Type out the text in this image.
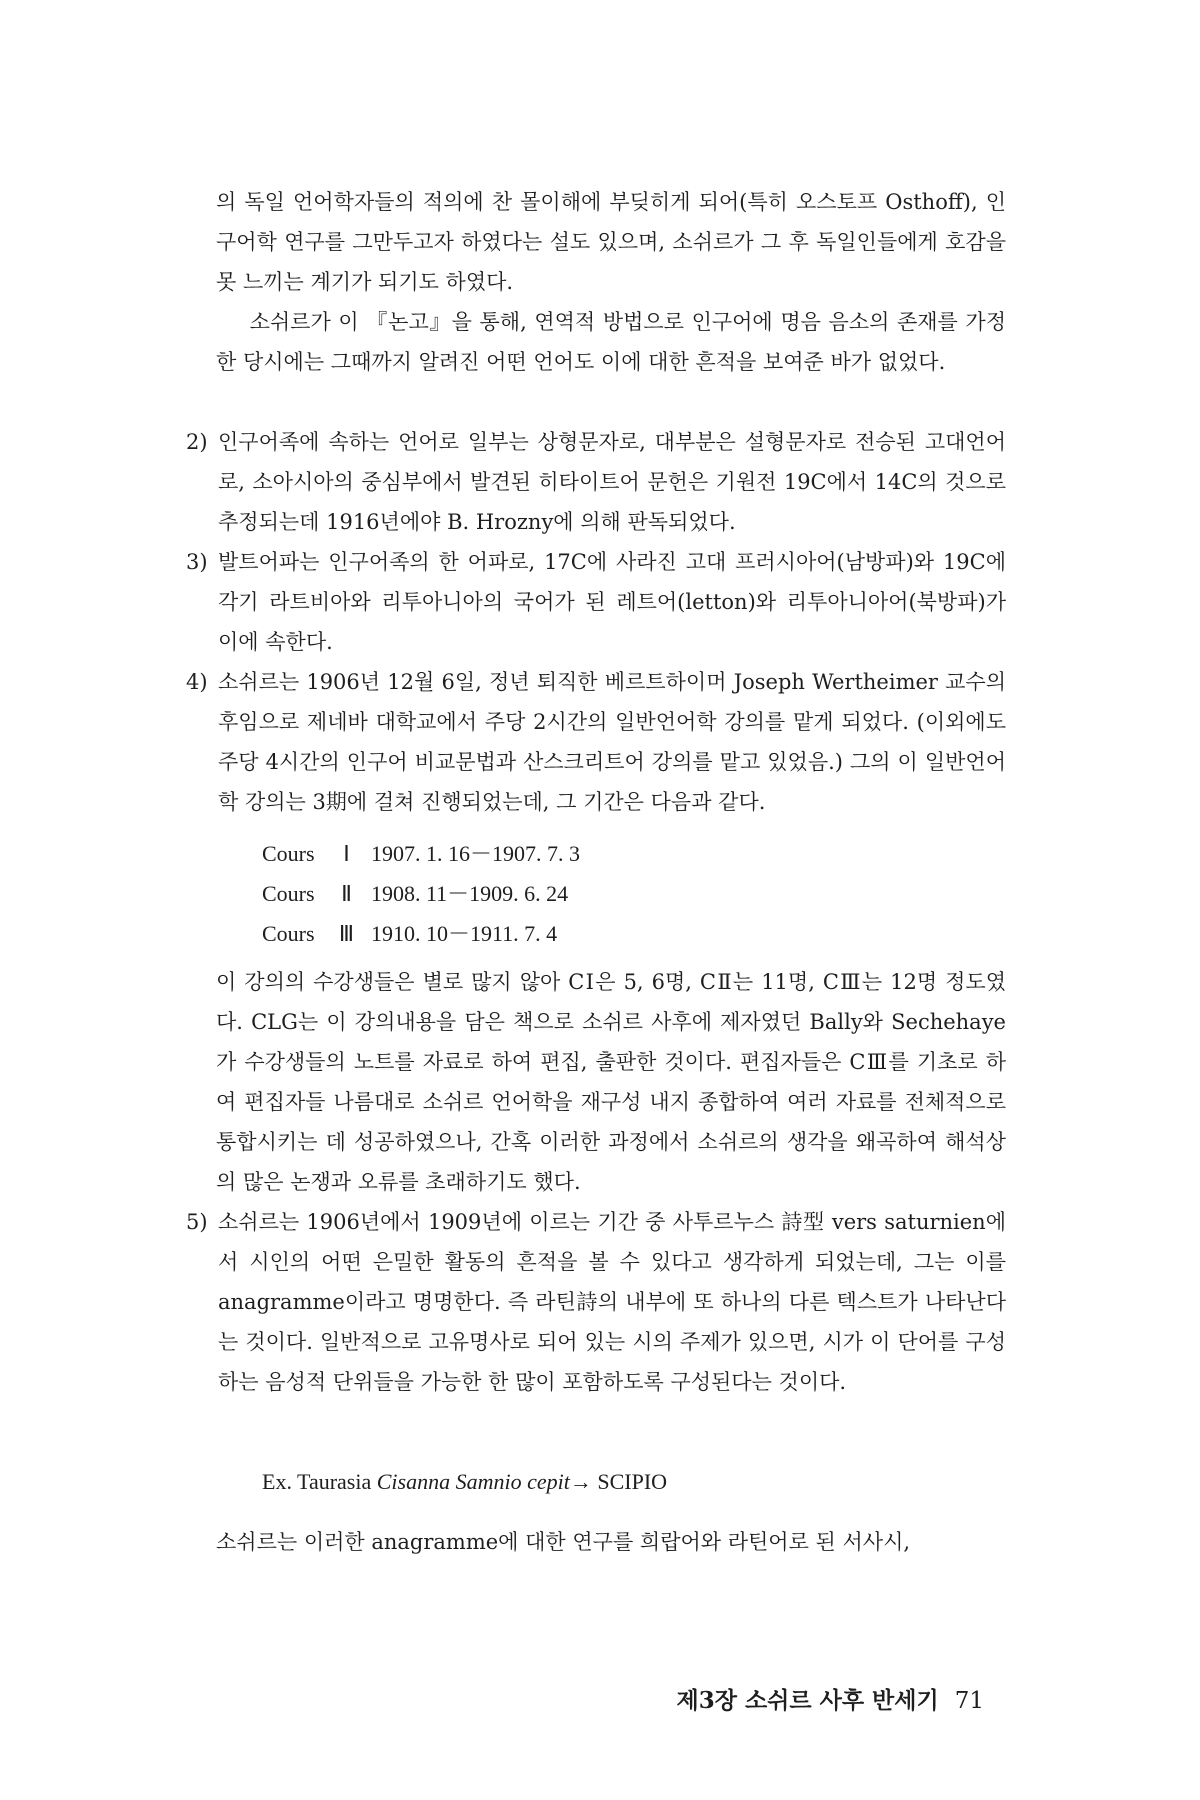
의 독일 언어학자들의 적의에 찬 몰이해에 부딪히게 되어(특히 오스토프 Osthoff), 인구어학 연구를 그만두고자 하였다는 설도 있으며, 소쉬르가 그 후 독일인들에게 호감을 못 느끼는 계기가 되기도 하였다.

소쉬르가 이 『논고』을 통해, 연역적 방법으로 인구어에 명음 음소의 존재를 가정한 당시에는 그때까지 알려진 어떤 언어도 이에 대한 흔적을 보여준 바가 없었다.

2) 인구어족에 속하는 언어로 일부는 상형문자로, 대부분은 설형문자로 전승된 고대언어로, 소아시아의 중심부에서 발견된 히타이트어 문헌은 기원전 19C에서 14C의 것으로 추정되는데 1916년에야 B. Hrozny에 의해 판독되었다.

3) 발트어파는 인구어족의 한 어파로, 17C에 사라진 고대 프러시아어(남방파)와 19C에 각기 라트비아와 리투아니아의 국어가 된 레트어(letton)와 리투아니아어(북방파)가 이에 속한다.

4) 소쉬르는 1906년 12월 6일, 정년 퇴직한 베르트하이머 Joseph Wertheimer 교수의 후임으로 제네바 대학교에서 주당 2시간의 일반언어학 강의를 맡게 되었다. (이외에도 주당 4시간의 인구어 비교문법과 산스크리트어 강의를 맡고 있었음.) 그의 이 일반언어학 강의는 3期에 걸쳐 진행되었는데, 그 기간은 다음과 같다.

Cours Ⅰ 1907. 1. 16－1907. 7. 3
Cours Ⅱ 1908. 11－1909. 6. 24
Cours Ⅲ 1910. 10－1911. 7. 4

이 강의의 수강생들은 별로 많지 않아 CⅠ은 5, 6명, CⅡ는 11명, CⅢ는 12명 정도였다. CLG는 이 강의내용을 담은 책으로 소쉬르 사후에 제자였던 Bally와 Sechehaye가 수강생들의 노트를 자료로 하여 편집, 출판한 것이다. 편집자들은 CⅢ를 기초로 하여 편집자들 나름대로 소쉬르 언어학을 재구성 내지 종합하여 여러 자료를 전체적으로 통합시키는 데 성공하였으나, 간혹 이러한 과정에서 소쉬르의 생각을 왜곡하여 해석상의 많은 논쟁과 오류를 초래하기도 했다.

5) 소쉬르는 1906년에서 1909년에 이르는 기간 중 사투르누스 詩型 vers saturnien에서 시인의 어떤 은밀한 활동의 흔적을 볼 수 있다고 생각하게 되었는데, 그는 이를 anagramme이라고 명명한다. 즉 라틴詩의 내부에 또 하나의 다른 텍스트가 나타난다는 것이다. 일반적으로 고유명사로 되어 있는 시의 주제가 있으면, 시가 이 단어를 구성하는 음성적 단위들을 가능한 한 많이 포함하도록 구성된다는 것이다.

Ex. Taurasia Cisanna Samnio cepit→ SCIPIO

소쉬르는 이러한 anagramme에 대한 연구를 희랍어와 라틴어로 된 서사시,

제3장 소쉬르 사후 반세기 71
